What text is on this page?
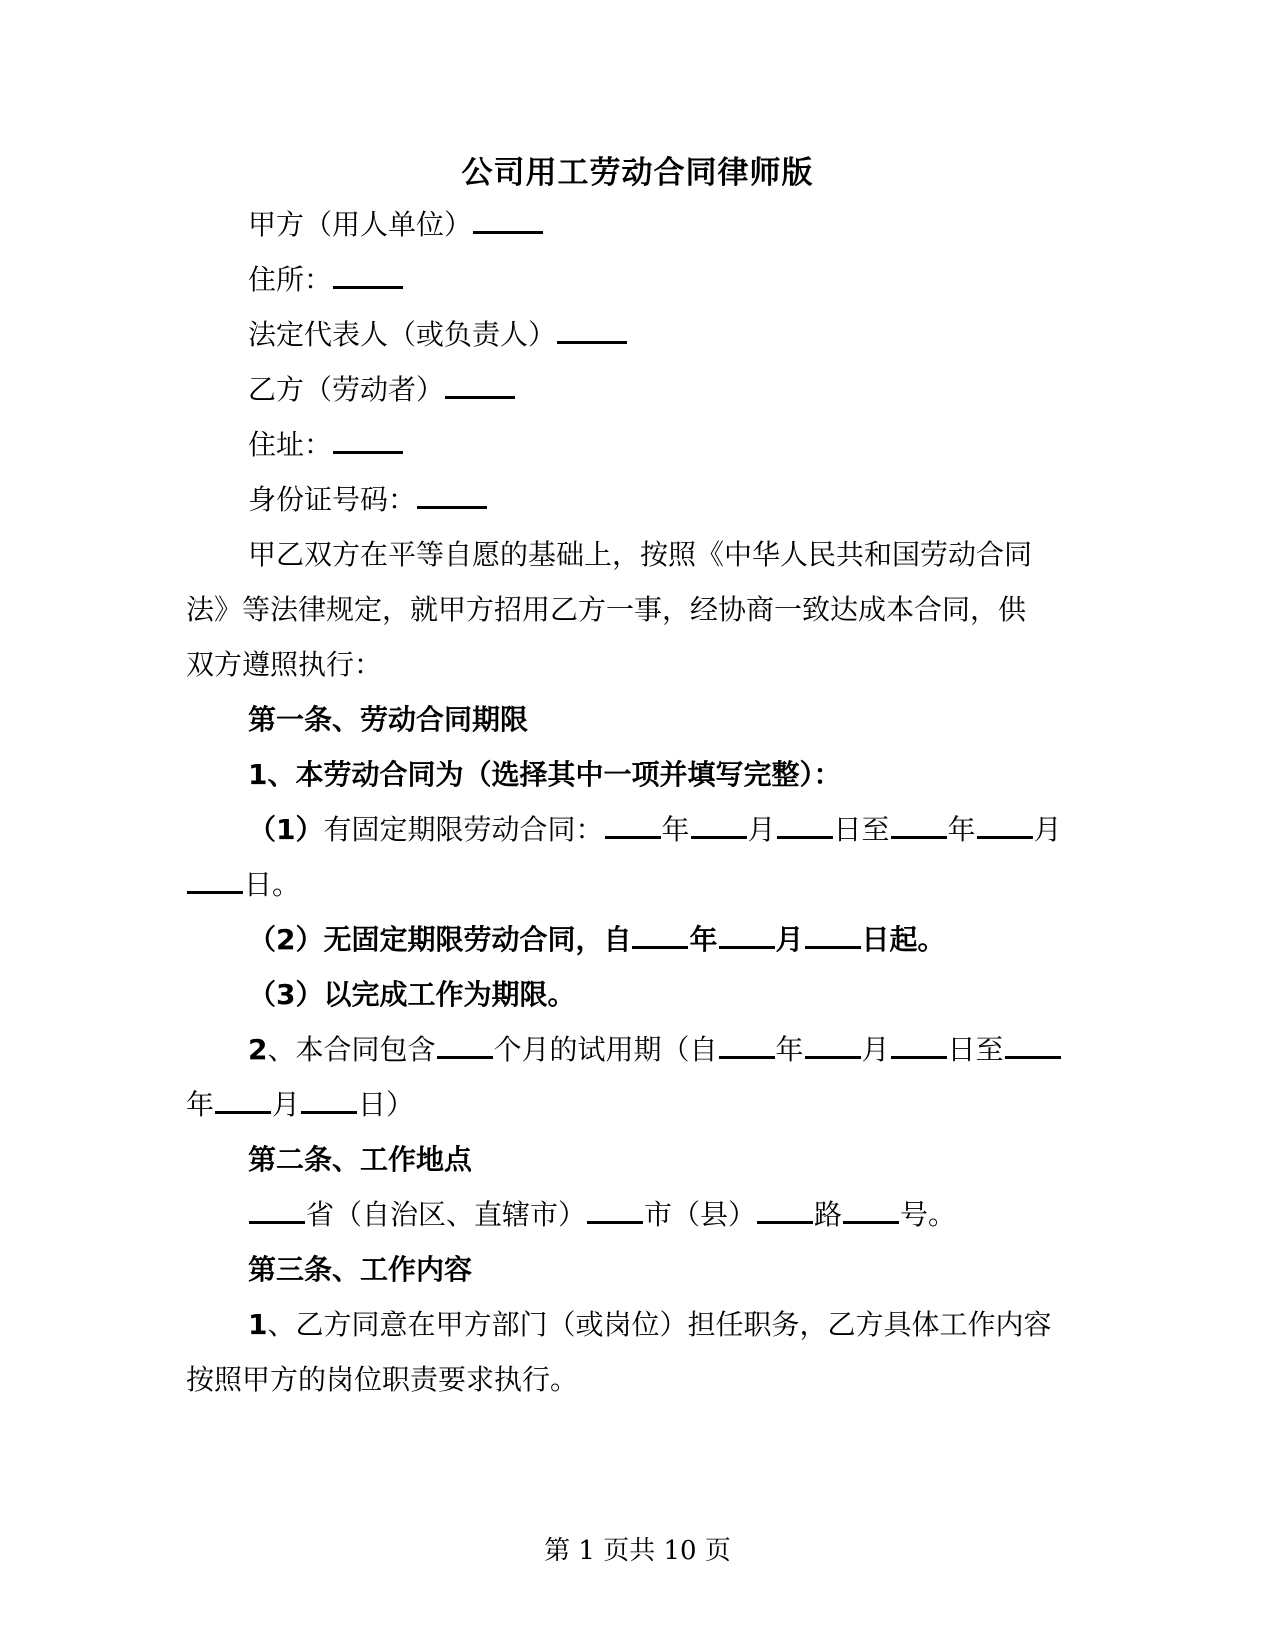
公司用工劳动合同律师版
甲方（用人单位）
住所：
法定代表人（或负责人）
乙方（劳动者）
住址：
身份证号码：
甲乙双方在平等自愿的基础上，按照《中华人民共和国劳动合同
法》等法律规定，就甲方招用乙方一事，经协商一致达成本合同，供
双方遵照执行：
第一条、劳动合同期限
1、本劳动合同为（选择其中一项并填写完整）：
（1）有固定期限劳动合同： 年 月 日至 年 月
日。
（2）无固定期限劳动合同，自 年 月 日起。
（3）以完成工作为期限。
2、本合同包含 个月的试用期（自 年 月 日至
年 月 日）
第二条、工作地点
省（自治区、直辖市） 市（县） 路 号。
第三条、工作内容
1、乙方同意在甲方部门（或岗位）担任职务，乙方具体工作内容
按照甲方的岗位职责要求执行。
第 1 页共 10 页
